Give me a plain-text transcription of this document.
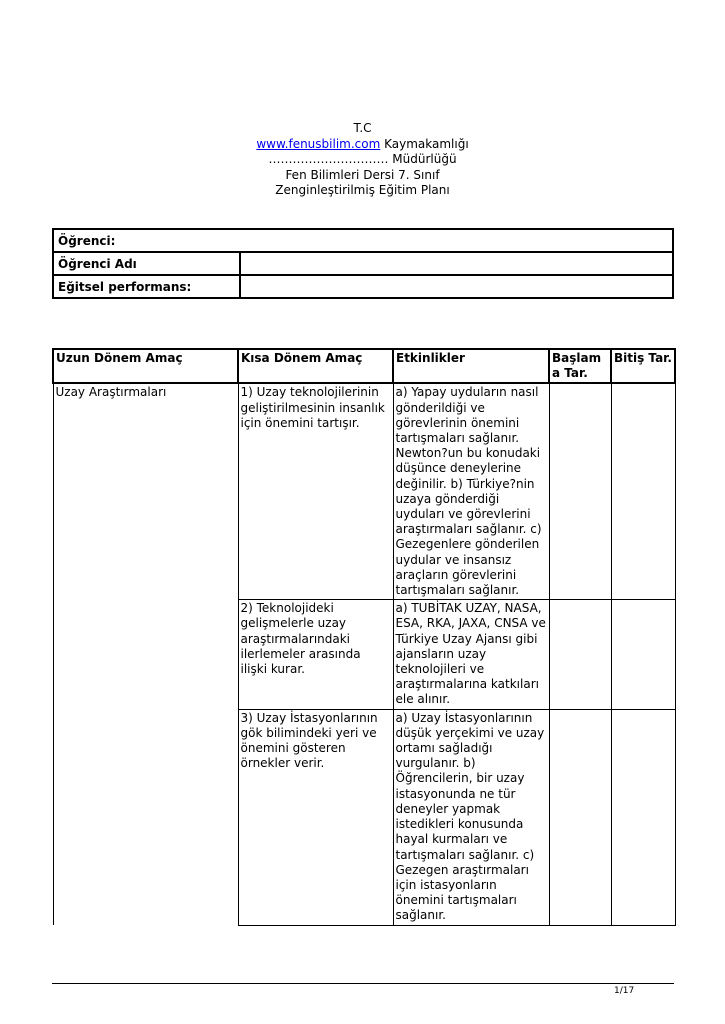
T.C
www.fenusbilim.com Kaymakamlığı
………………………… Müdürlüğü
Fen Bilimleri Dersi 7. Sınıf
Zenginleştirilmiş Eğitim Planı
Öğrenci:	
Öğrenci Adı	
Eğitsel performans:	
Uzun Dönem Amaç	Kısa Dönem Amaç	Etkinlikler	Başlama Tar.	Bitiş Tar.
Uzay Araştırmaları	1) Uzay teknolojilerinin geliştirilmesinin insanlık için önemini tartışır.	a) Yapay uyduların nasıl gönderildiği ve görevlerinin önemini tartışmaları sağlanır. Newton?un bu konudaki düşünce deneylerine değinilir. b) Türkiye?nin uzaya gönderdiği uyduları ve görevlerini araştırmaları sağlanır. c) Gezegenlere gönderilen uydular ve insansız araçların görevlerini tartışmaları sağlanır.		
	2) Teknolojideki gelişmelerle uzay araştırmalarındaki ilerlemeler arasında ilişki kurar.	a) TUBİTAK UZAY, NASA, ESA, RKA, JAXA, CNSA ve Türkiye Uzay Ajansı gibi ajansların uzay teknolojileri ve araştırmalarına katkıları ele alınır.		
	3) Uzay İstasyonlarının gök bilimindeki yeri ve önemini gösteren örnekler verir.	a) Uzay İstasyonlarının düşük yerçekimi ve uzay ortamı sağladığı vurgulanır. b) Öğrencilerin, bir uzay istasyonunda ne tür deneyler yapmak istedikleri konusunda hayal kurmaları ve tartışmaları sağlanır. c) Gezegen araştırmaları için istasyonların önemini tartışmaları sağlanır.		
1/17
